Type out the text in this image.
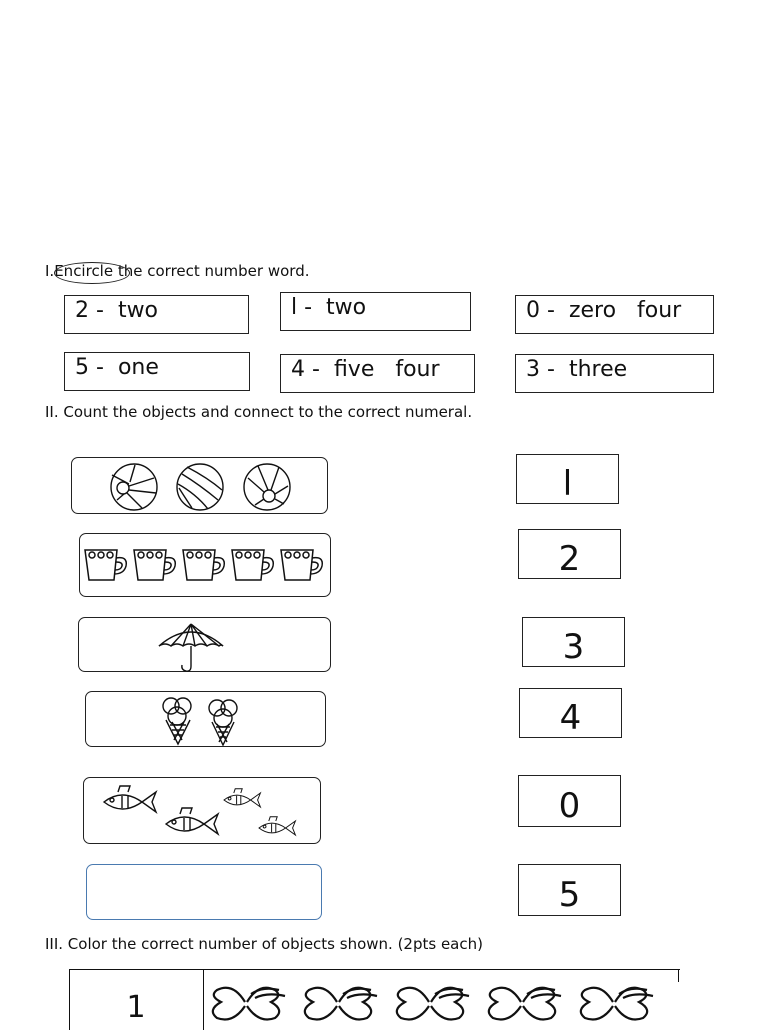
I.Encircle the correct number word.
2 - two	l - two	0 - zero   four
5 - one	4 - five   four	3 - three
II. Count the objects and connect to the correct numeral.
l
2
3
4
0
5
III. Color the correct number of objects shown. (2pts each)
1
